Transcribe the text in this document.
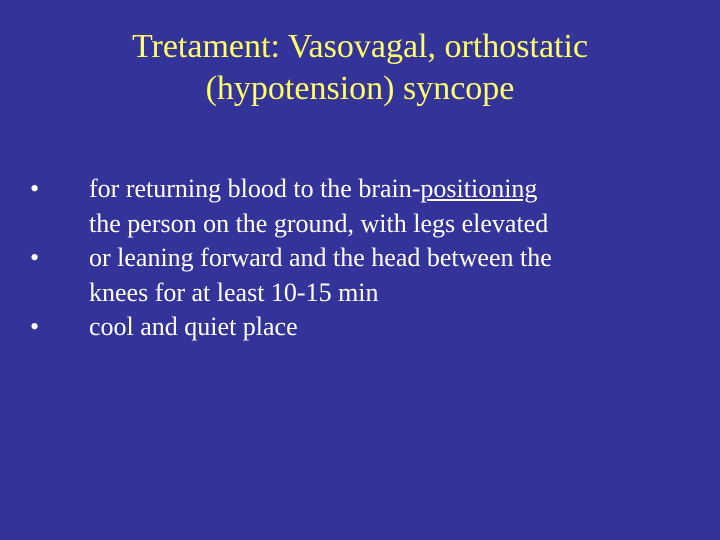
Tretament: Vasovagal, orthostatic
(hypotension) syncope
•	for returning blood to the brain-positioning
the person on the ground, with legs elevated
•	or leaning forward and the head between the
knees for at least 10-15 min
•	cool and quiet place
